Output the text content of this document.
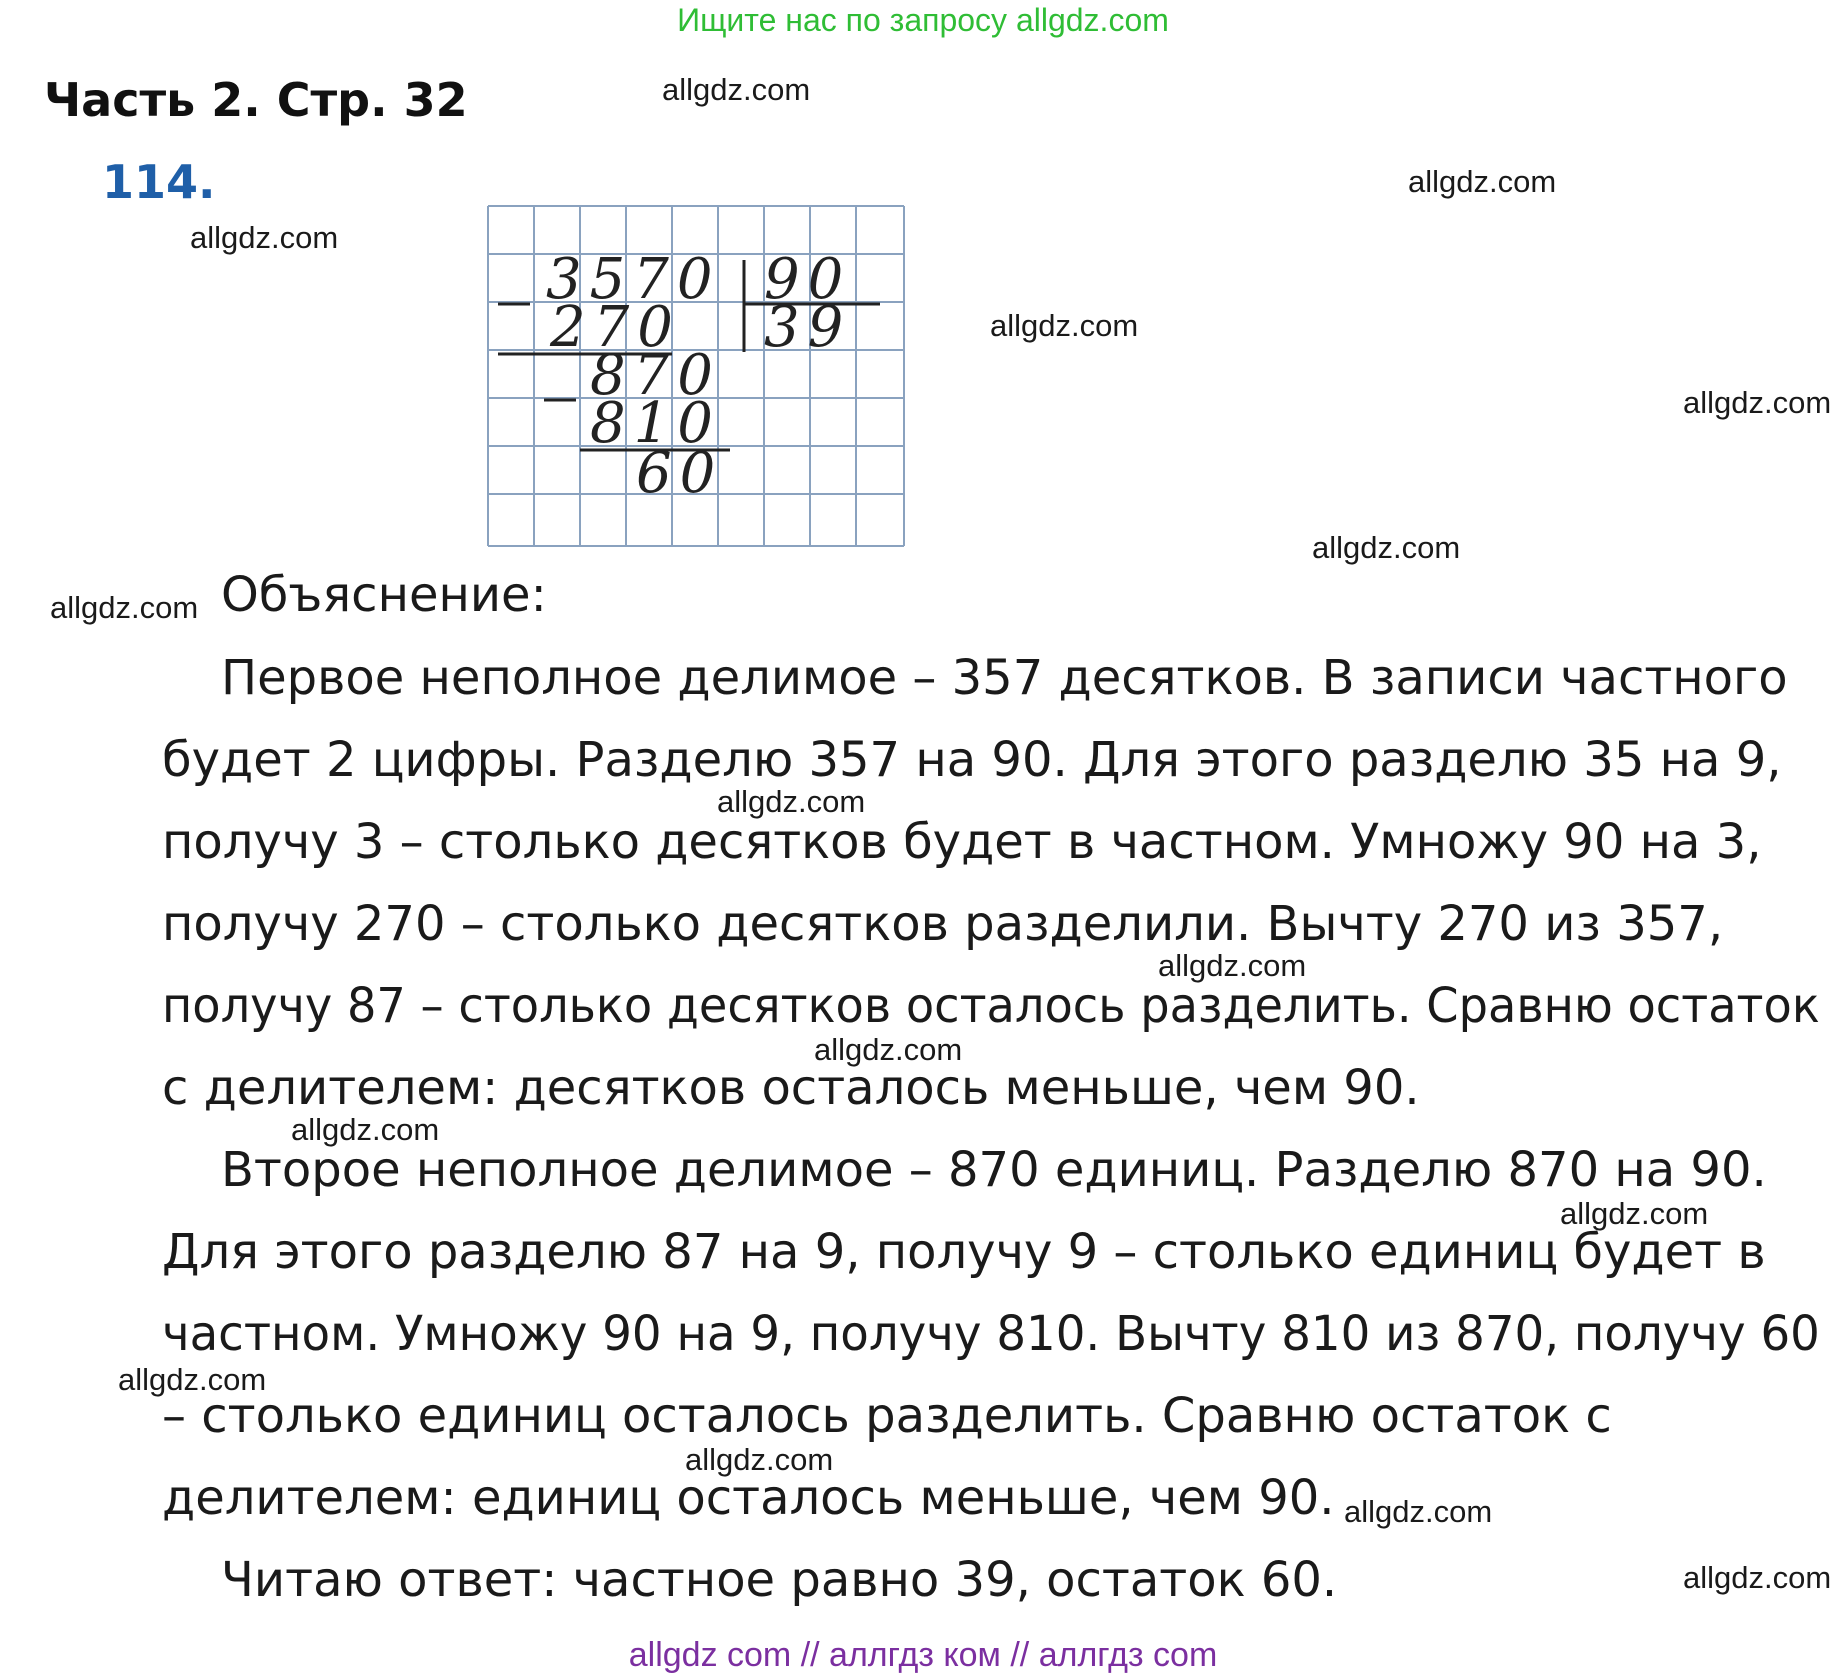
Ищите нас по запросу allgdz.com
Часть 2. Стр. 32
114.
allgdz.com
allgdz.com
allgdz.com
allgdz.com
allgdz.com
allgdz.com
allgdz.com
allgdz.com
allgdz.com
allgdz.com
allgdz.com
allgdz.com
allgdz.com
allgdz.com
allgdz.com
allgdz.com
3570 90
270 39
870
810
60
Объяснение:
Первое неполное делимое – 357 десятков. В записи частного
будет 2 цифры. Разделю 357 на 90. Для этого разделю 35 на 9,
получу 3 – столько десятков будет в частном. Умножу 90 на 3,
получу 270 – столько десятков разделили. Вычту 270 из 357,
получу 87 – столько десятков осталось разделить. Сравню остаток
с делителем: десятков осталось меньше, чем 90.
Второе неполное делимое – 870 единиц. Разделю 870 на 90.
Для этого разделю 87 на 9, получу 9 – столько единиц будет в
частном. Умножу 90 на 9, получу 810. Вычту 810 из 870, получу 60
– столько единиц осталось разделить. Сравню остаток с
делителем: единиц осталось меньше, чем 90.
Читаю ответ: частное равно 39, остаток 60.
allgdz com // аллгдз ком // аллгдз com
